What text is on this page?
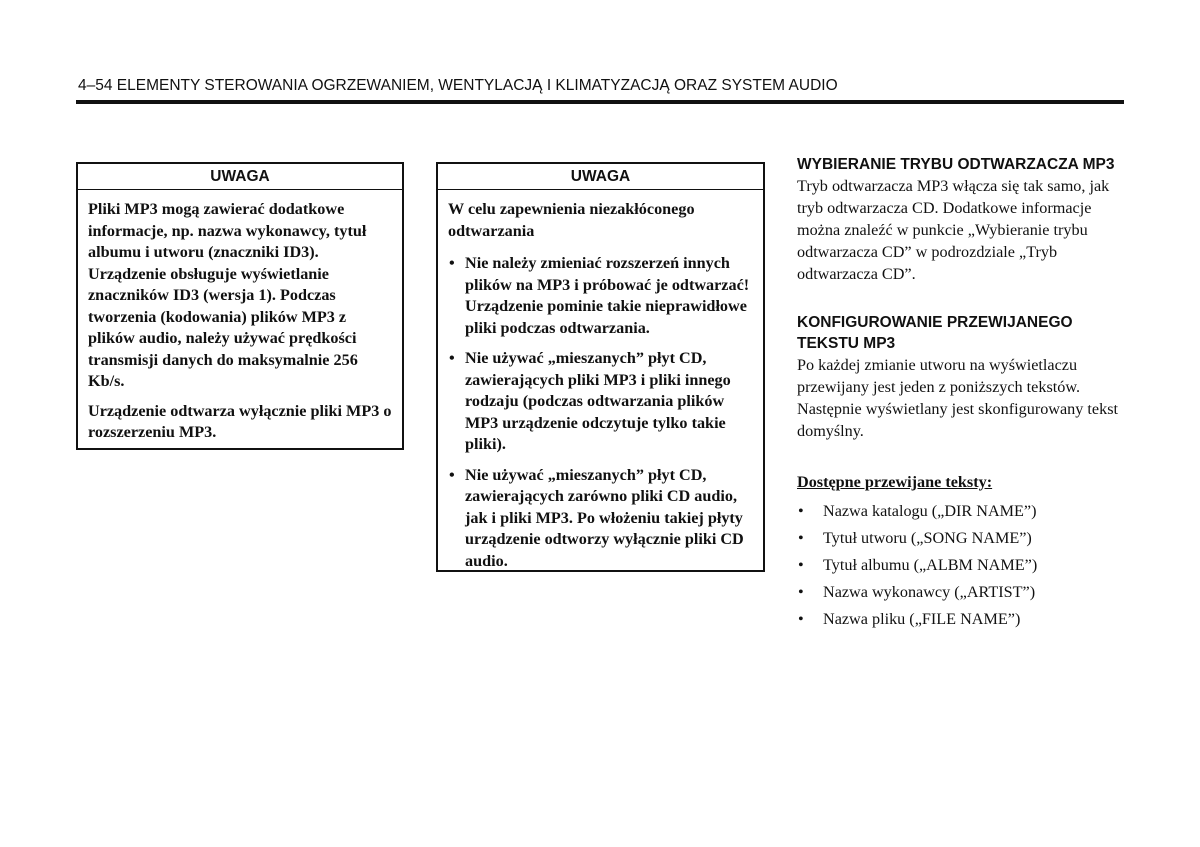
4–54 ELEMENTY STEROWANIA OGRZEWANIEM, WENTYLACJĄ I KLIMATYZACJĄ ORAZ SYSTEM AUDIO
UWAGA

Pliki MP3 mogą zawierać dodatkowe informacje, np. nazwa wykonawcy, tytuł albumu i utworu (znaczniki ID3). Urządzenie obsługuje wyświetlanie znaczników ID3 (wersja 1). Podczas tworzenia (kodowania) plików MP3 z plików audio, należy używać prędkości transmisji danych do maksymalnie 256 Kb/s.

Urządzenie odtwarza wyłącznie pliki MP3 o rozszerzeniu MP3.

UWAGA

W celu zapewnienia niezakłóconego odtwarzania

• Nie należy zmieniać rozszerzeń innych plików na MP3 i próbować je odtwarzać! Urządzenie pominie takie nieprawidłowe pliki podczas odtwarzania.
• Nie używać „mieszanych” płyt CD, zawierających pliki MP3 i pliki innego rodzaju (podczas odtwarzania plików MP3 urządzenie odczytuje tylko takie pliki).
• Nie używać „mieszanych” płyt CD, zawierających zarówno pliki CD audio, jak i pliki MP3. Po włożeniu takiej płyty urządzenie odtworzy wyłącznie pliki CD audio.

WYBIERANIE TRYBU ODTWARZACZA MP3

Tryb odtwarzacza MP3 włącza się tak samo, jak tryb odtwarzacza CD. Dodatkowe informacje można znaleźć w punkcie „Wybieranie trybu odtwarzacza CD” w podrozdziale „Tryb odtwarzacza CD”.

KONFIGUROWANIE PRZEWIJANEGO TEKSTU MP3

Po każdej zmianie utworu na wyświetlaczu przewijany jest jeden z poniższych tekstów. Następnie wyświetlany jest skonfigurowany tekst domyślny.

Dostępne przewijane teksty:

• Nazwa katalogu („DIR NAME”)
• Tytuł utworu („SONG NAME”)
• Tytuł albumu („ALBM NAME”)
• Nazwa wykonawcy („ARTIST”)
• Nazwa pliku („FILE NAME”)
